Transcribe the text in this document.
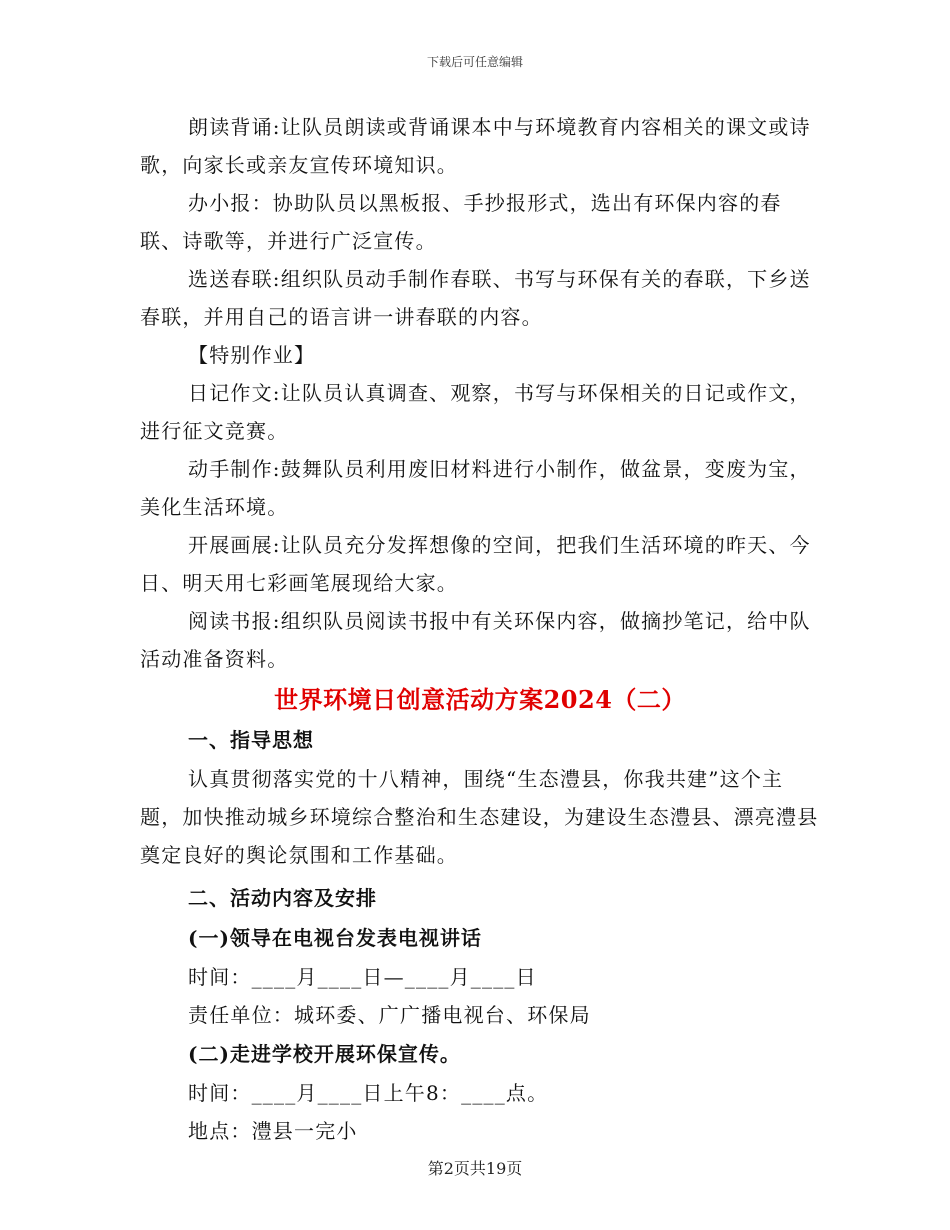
下载后可任意编辑

朗读背诵:让队员朗读或背诵课本中与环境教育内容相关的课文或诗歌，向家长或亲友宣传环境知识。

办小报：协助队员以黑板报、手抄报形式，选出有环保内容的春联、诗歌等，并进行广泛宣传。

选送春联:组织队员动手制作春联、书写与环保有关的春联，下乡送春联，并用自己的语言讲一讲春联的内容。

【特别作业】

日记作文:让队员认真调查、观察，书写与环保相关的日记或作文，进行征文竞赛。

动手制作:鼓舞队员利用废旧材料进行小制作，做盆景，变废为宝，美化生活环境。

开展画展:让队员充分发挥想像的空间，把我们生活环境的昨天、今日、明天用七彩画笔展现给大家。

阅读书报:组织队员阅读书报中有关环保内容，做摘抄笔记，给中队活动准备资料。

世界环境日创意活动方案2024（二）

一、指导思想

认真贯彻落实党的十八精神，围绕“生态澧县，你我共建”这个主题，加快推动城乡环境综合整治和生态建设，为建设生态澧县、漂亮澧县奠定良好的舆论氛围和工作基础。

二、活动内容及安排

(一)领导在电视台发表电视讲话

时间：____月____日—____月____日

责任单位：城环委、广广播电视台、环保局

(二)走进学校开展环保宣传。

时间：____月____日上午8：____点。

地点：澧县一完小

第2页共19页
